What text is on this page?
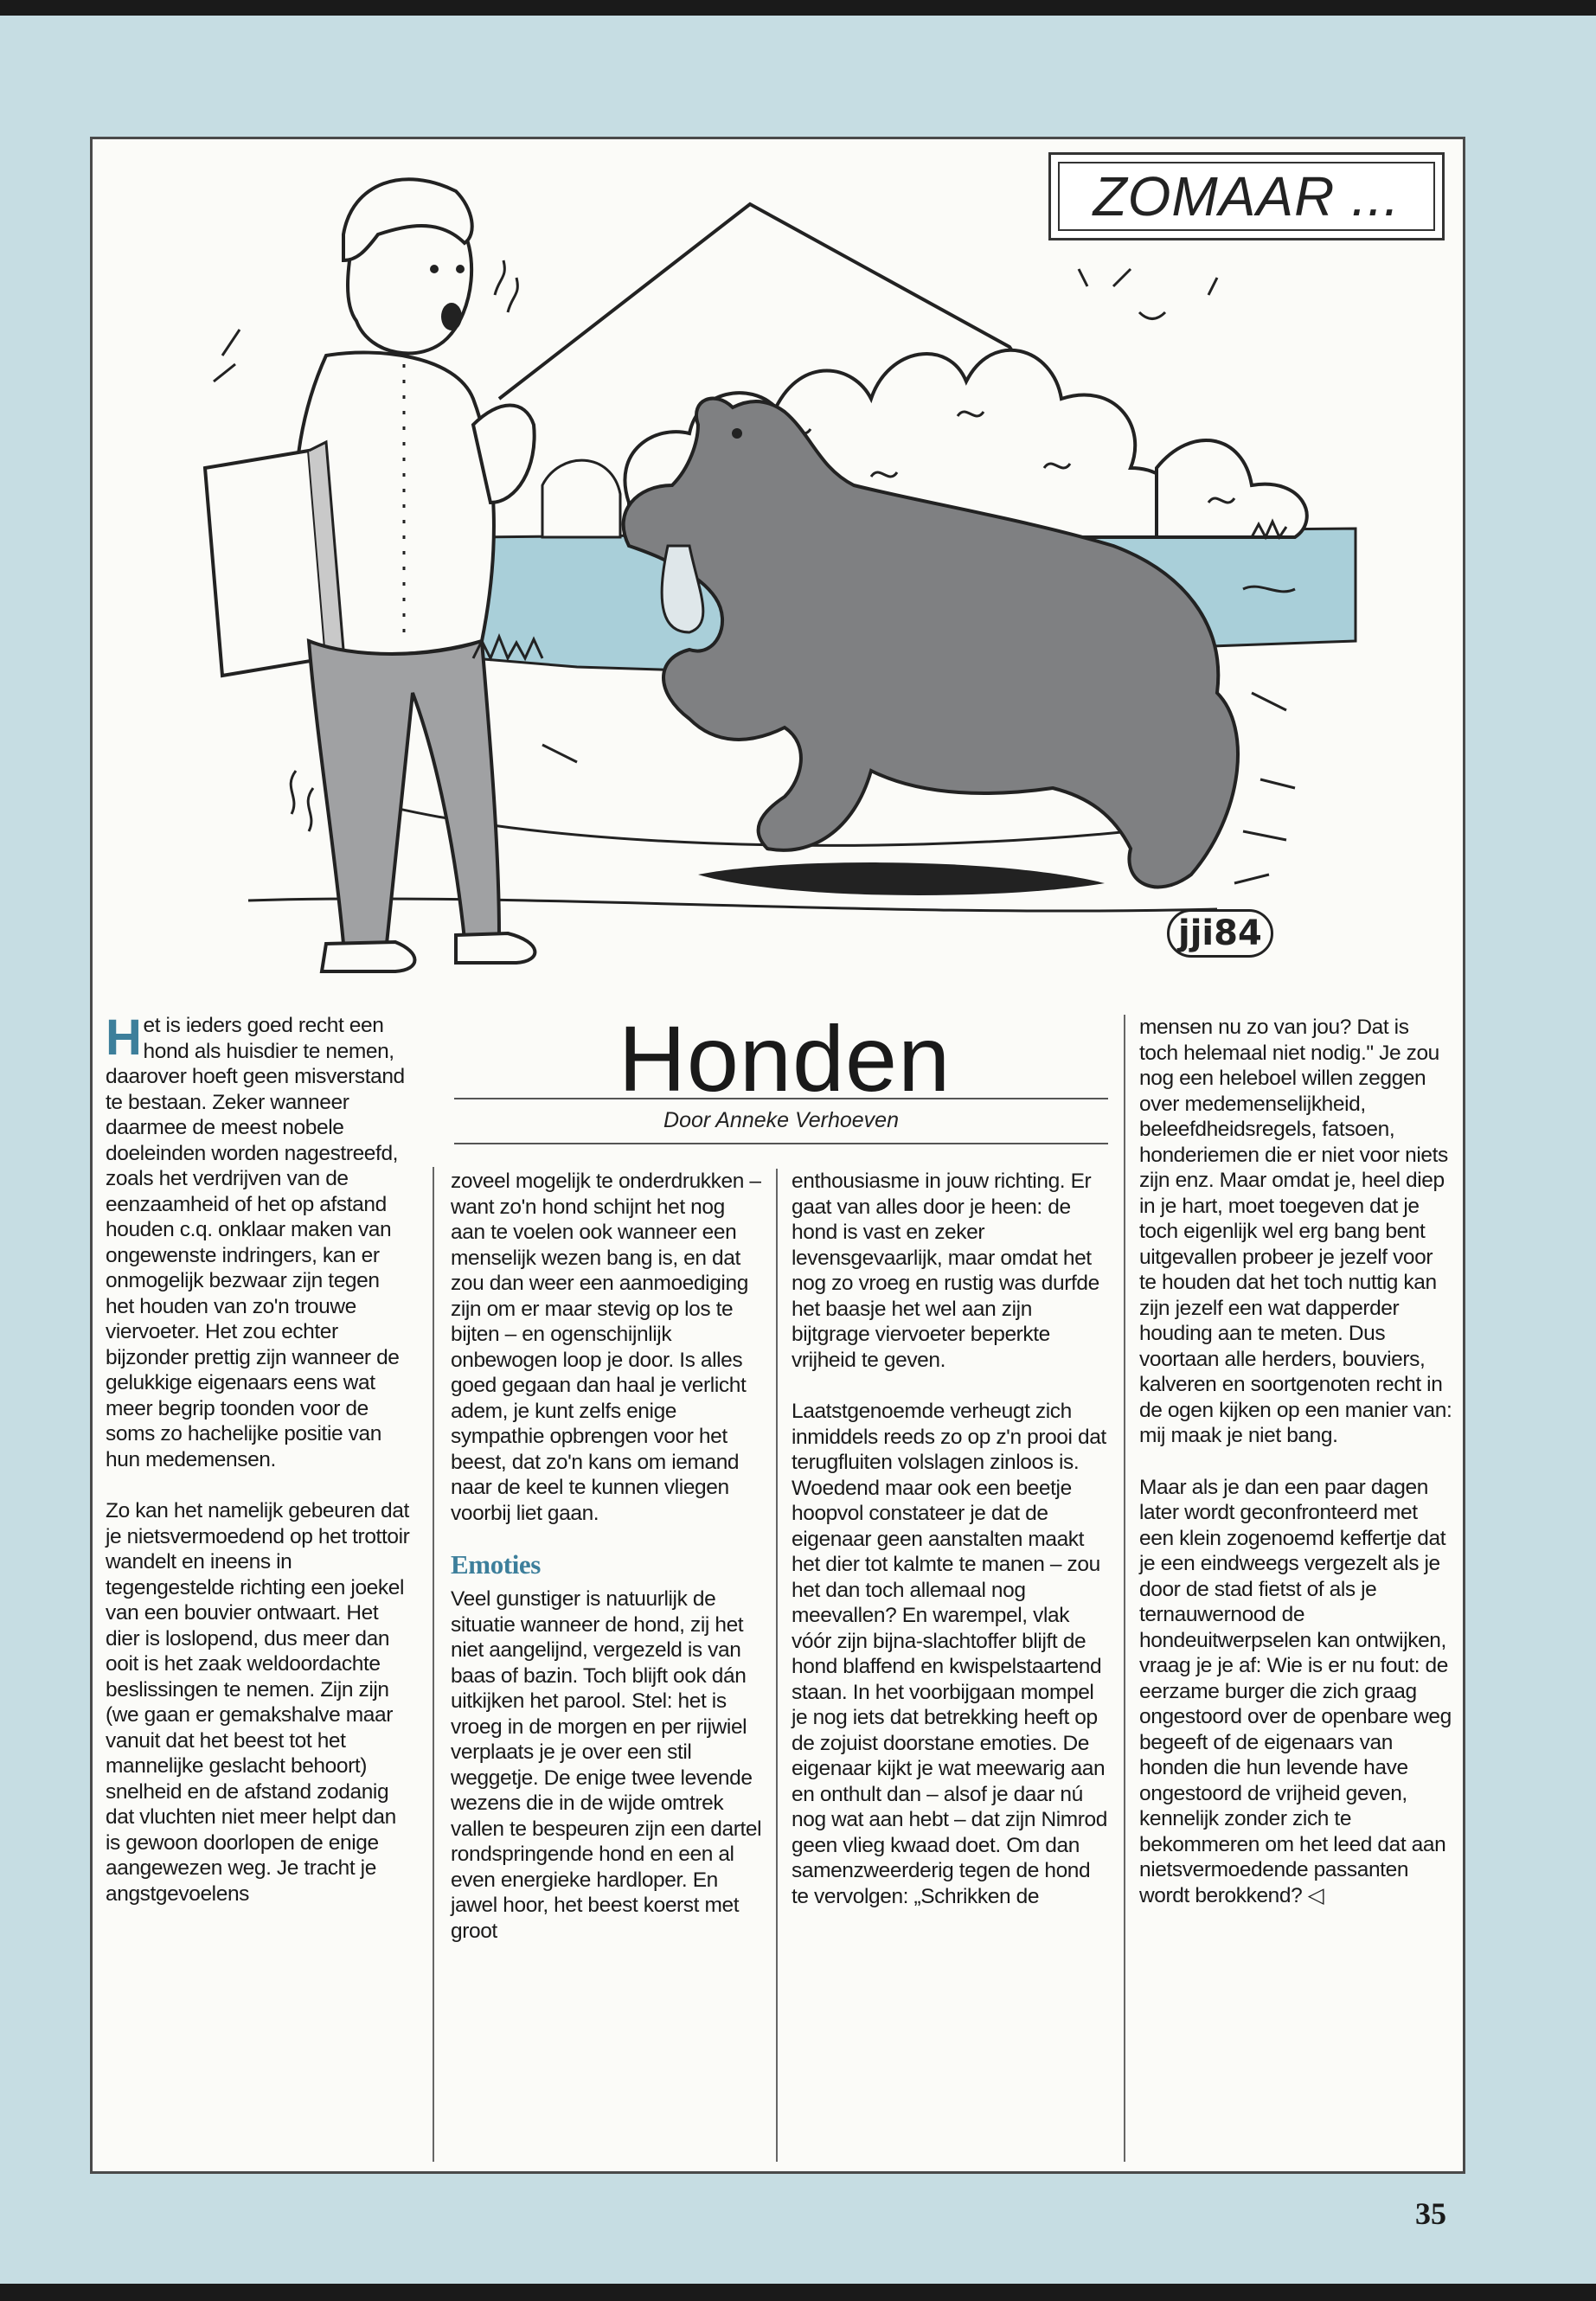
ZOMAAR ...
jji84
Honden
Door Anneke Verhoeven

Het is ieders goed recht een hond als huisdier te nemen, daarover hoeft geen misverstand te bestaan. Zeker wanneer daarmee de meest nobele doeleinden worden nagestreefd, zoals het verdrijven van de eenzaamheid of het op afstand houden c.q. onklaar maken van ongewenste indringers, kan er onmogelijk bezwaar zijn tegen het houden van zo'n trouwe viervoeter. Het zou echter bijzonder prettig zijn wanneer de gelukkige eigenaars eens wat meer begrip toonden voor de soms zo hachelijke positie van hun medemensen.

Zo kan het namelijk gebeuren dat je nietsvermoedend op het trottoir wandelt en ineens in tegengestelde richting een joekel van een bouvier ontwaart. Het dier is loslopend, dus meer dan ooit is het zaak weldoordachte beslissingen te nemen. Zijn zijn (we gaan er gemakshalve maar vanuit dat het beest tot het mannelijke geslacht behoort) snelheid en de afstand zodanig dat vluchten niet meer helpt dan is gewoon doorlopen de enige aangewezen weg. Je tracht je angstgevoelens

zoveel mogelijk te onderdrukken – want zo'n hond schijnt het nog aan te voelen ook wanneer een menselijk wezen bang is, en dat zou dan weer een aanmoediging zijn om er maar stevig op los te bijten – en ogenschijnlijk onbewogen loop je door. Is alles goed gegaan dan haal je verlicht adem, je kunt zelfs enige sympathie opbrengen voor het beest, dat zo'n kans om iemand naar de keel te kunnen vliegen voorbij liet gaan.

Emoties

Veel gunstiger is natuurlijk de situatie wanneer de hond, zij het niet aangelijnd, vergezeld is van baas of bazin. Toch blijft ook dán uitkijken het parool. Stel: het is vroeg in de morgen en per rijwiel verplaats je je over een stil weggetje. De enige twee levende wezens die in de wijde omtrek vallen te bespeuren zijn een dartel rondspringende hond en een al even energieke hardloper. En jawel hoor, het beest koerst met groot

enthousiasme in jouw richting. Er gaat van alles door je heen: de hond is vast en zeker levensgevaarlijk, maar omdat het nog zo vroeg en rustig was durfde het baasje het wel aan zijn bijtgrage viervoeter beperkte vrijheid te geven.

Laatstgenoemde verheugt zich inmiddels reeds zo op z'n prooi dat terugfluiten volslagen zinloos is. Woedend maar ook een beetje hoopvol constateer je dat de eigenaar geen aanstalten maakt het dier tot kalmte te manen – zou het dan toch allemaal nog meevallen? En warempel, vlak vóór zijn bijna-slachtoffer blijft de hond blaffend en kwispelstaartend staan. In het voorbijgaan mompel je nog iets dat betrekking heeft op de zojuist doorstane emoties. De eigenaar kijkt je wat meewarig aan en onthult dan – alsof je daar nú nog wat aan hebt – dat zijn Nimrod geen vlieg kwaad doet. Om dan samenzweerderig tegen de hond te vervolgen: „Schrikken de

mensen nu zo van jou? Dat is toch helemaal niet nodig." Je zou nog een heleboel willen zeggen over medemenselijkheid, beleefdheidsregels, fatsoen, honderiemen die er niet voor niets zijn enz. Maar omdat je, heel diep in je hart, moet toegeven dat je toch eigenlijk wel erg bang bent uitgevallen probeer je jezelf voor te houden dat het toch nuttig kan zijn jezelf een wat dapperder houding aan te meten. Dus voortaan alle herders, bouviers, kalveren en soortgenoten recht in de ogen kijken op een manier van: mij maak je niet bang.

Maar als je dan een paar dagen later wordt geconfronteerd met een klein zogenoemd keffertje dat je een eindweegs vergezelt als je door de stad fietst of als je ternauwernood de hondeuitwerpselen kan ontwijken, vraag je je af: Wie is er nu fout: de eerzame burger die zich graag ongestoord over de openbare weg begeeft of de eigenaars van honden die hun levende have ongestoord de vrijheid geven, kennelijk zonder zich te bekommeren om het leed dat aan nietsvermoedende passanten wordt berokkend? ◁

35
